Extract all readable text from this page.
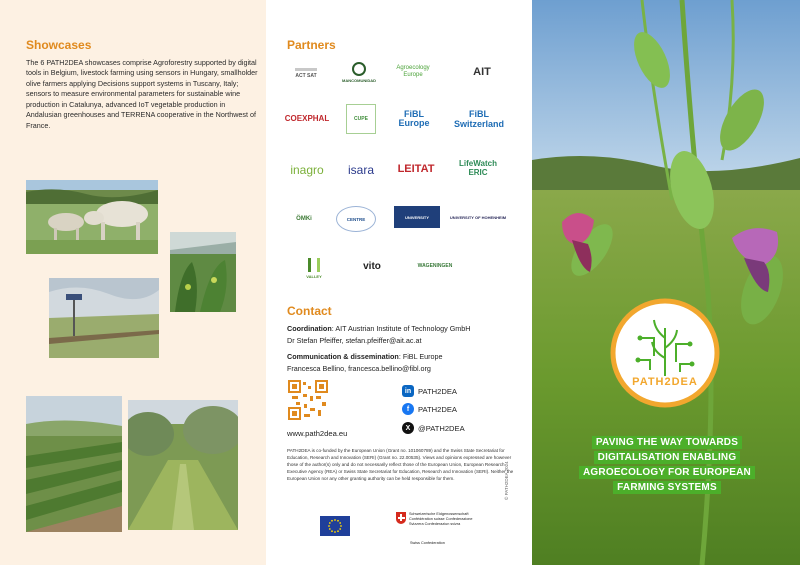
Showcases
The 6 PATH2DEA showcases comprise Agroforestry supported by digital tools in Belgium, livestock farming using sensors in Hungary, smallholder olive farmers applying Decisions support systems in Tuscany, Italy; sensors to measure environmental parameters for sustainable wine production in Catalunya, advanced IoT vegetable production in Andalusian greenhouses and TERRENA cooperative in the Northwest of France.
Partners
ACT SAT
MANCOMUNIDAD
Agroecology Europe	AIT
COEXPHAL	CUPE	FiBL Europe
FiBL Switzerland
inagro isara LEITAT	LifeWatch ERIC
ÖMKi	CENTRE	UNIVERSITY	UNIVERSITY OF HOHENHEIM
VALLEY
vito	WAGENINGEN
Contact
Coordination: AIT Austrian Institute of Technology GmbH
Dr Stefan Pfeiffer, stefan.pfeiffer@ait.ac.at
Communication & dissemination: FiBL Europe
Francesca Bellino, francesca.bellino@fibl.org
www.path2dea.eu
in PATH2DEA
f	PATH2DEA
X	@PATH2DEA
PATH2DEA is co-funded by the European Union (Grant no. 101060789) and the Swiss State Secretariat for Education, Research and Innovation (SERI) (Grant no. 22.00535). Views and opinions expressed are however those of the author(s) only and do not necessarily reflect those of the European Union, European Research Executive Agency (REA) or Swiss State Secretariat for Education, Research and Innovation (SERI). Neither the European Union nor any other granting authority can be held responsible for them.
Schweizerische Eidgenossenschaft Confédération suisse Confederazione Svizzera Confederaziun svizra
Swiss Confederation
© PATH2DEA 2024
PATH2DEA
PAVING THE WAY TOWARDS
DIGITALISATION ENABLING
AGROECOLOGY FOR EUROPEAN
FARMING SYSTEMS
